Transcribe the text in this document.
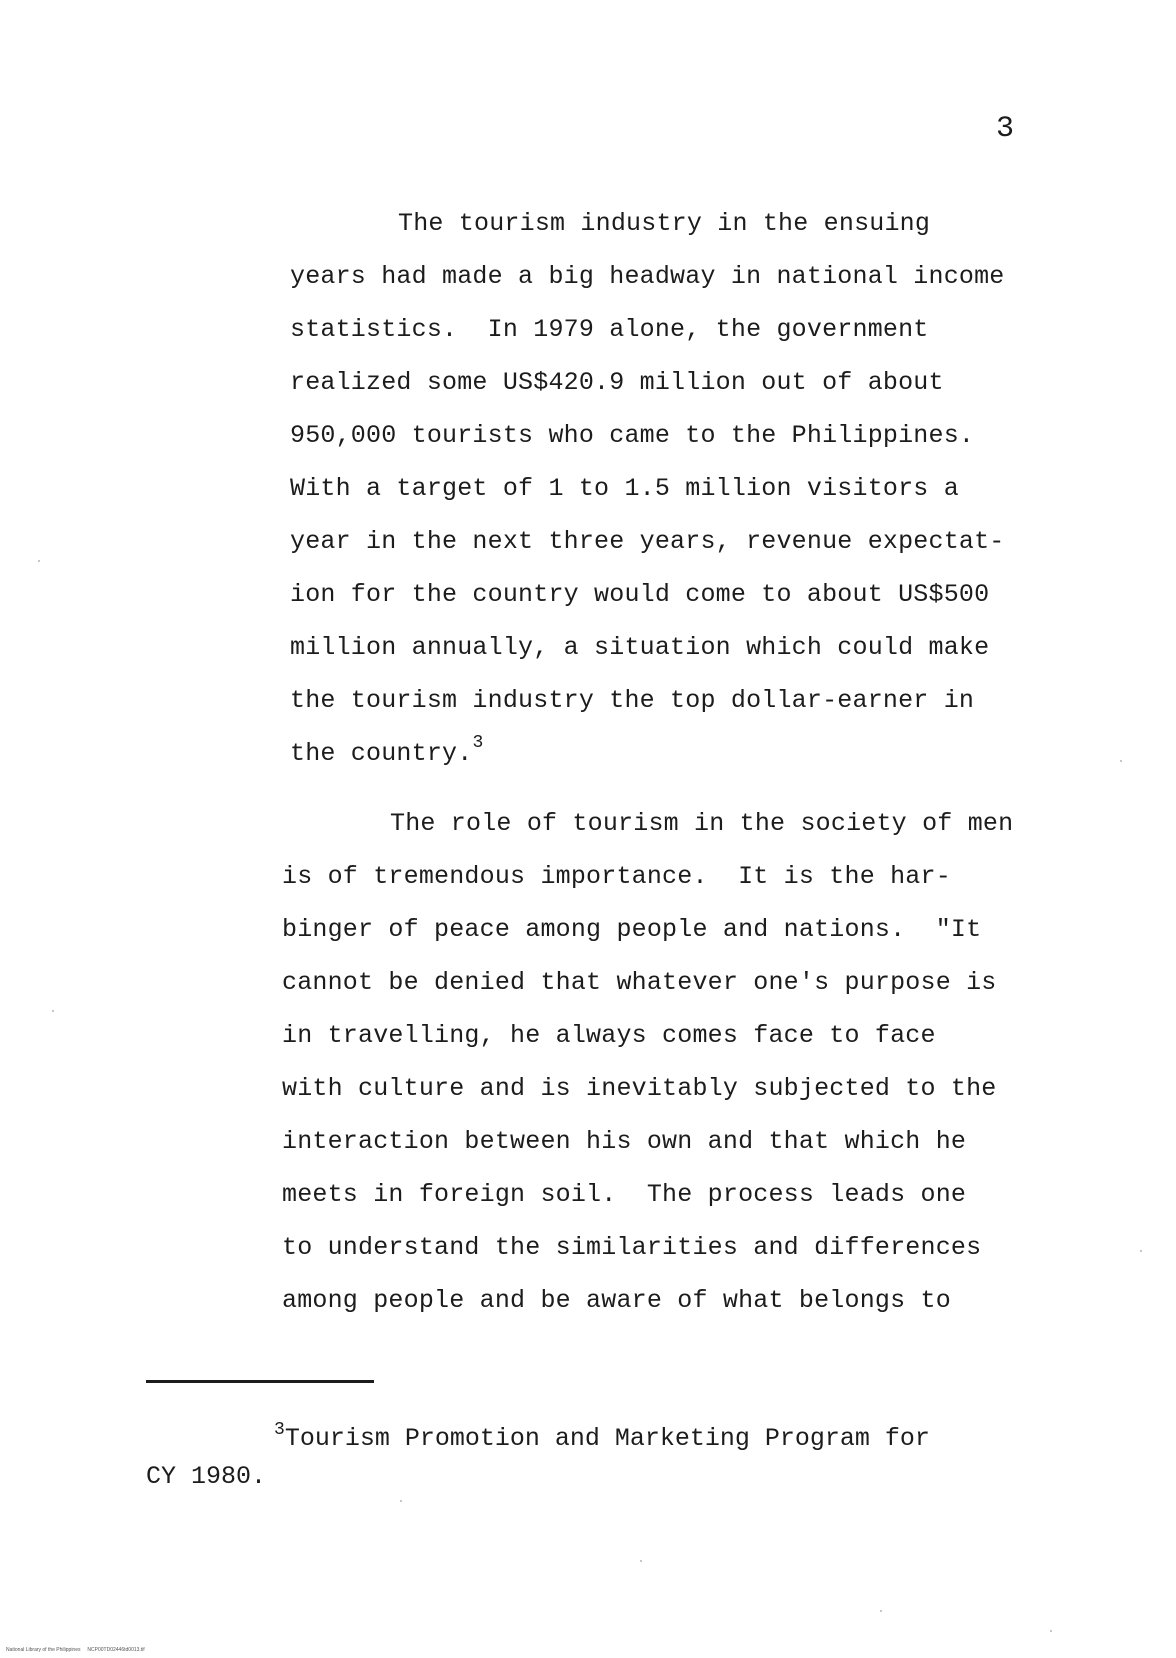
3
The tourism industry in the ensuing
years had made a big headway in national income
statistics.  In 1979 alone, the government
realized some US$420.9 million out of about
950,000 tourists who came to the Philippines.
With a target of 1 to 1.5 million visitors a
year in the next three years, revenue expectat-
ion for the country would come to about US$500
million annually, a situation which could make
the tourism industry the top dollar-earner in
the country.$^3$
The role of tourism in the society of men
is of tremendous importance.  It is the har-
binger of peace among people and nations.  "It
cannot be denied that whatever one's purpose is
in travelling, he always comes face to face
with culture and is inevitably subjected to the
interaction between his own and that which he
meets in foreign soil.  The process leads one
to understand the similarities and differences
among people and be aware of what belongs to
$^3$Tourism Promotion and Marketing Program for
CY 1980.
National Library of the Philippines     NCP00TD02446td0013.tif
